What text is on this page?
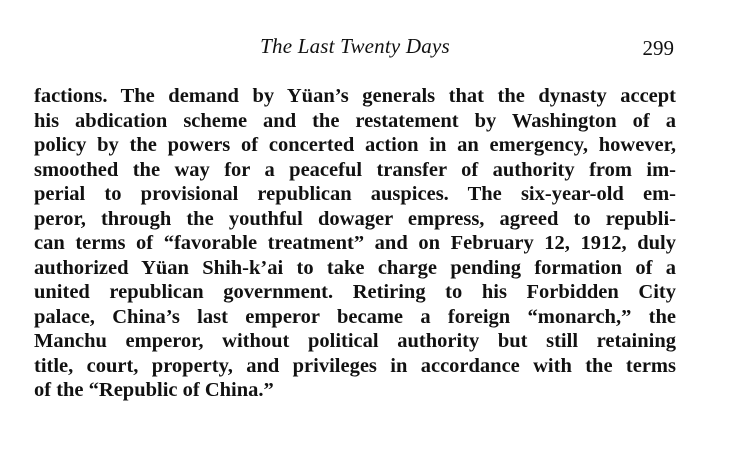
The Last Twenty Days	299
factions. The demand by Yüan’s generals that the dynasty accept
his abdication scheme and the restatement by Washington of a
policy by the powers of concerted action in an emergency, however,
smoothed the way for a peaceful transfer of authority from im-
perial to provisional republican auspices. The six-year-old em-
peror, through the youthful dowager empress, agreed to republi-
can terms of “favorable treatment” and on February 12, 1912, duly
authorized Yüan Shih-k’ai to take charge pending formation of a
united republican government. Retiring to his Forbidden City
palace, China’s last emperor became a foreign “monarch,” the
Manchu emperor, without political authority but still retaining
title, court, property, and privileges in accordance with the terms
of the “Republic of China.”
